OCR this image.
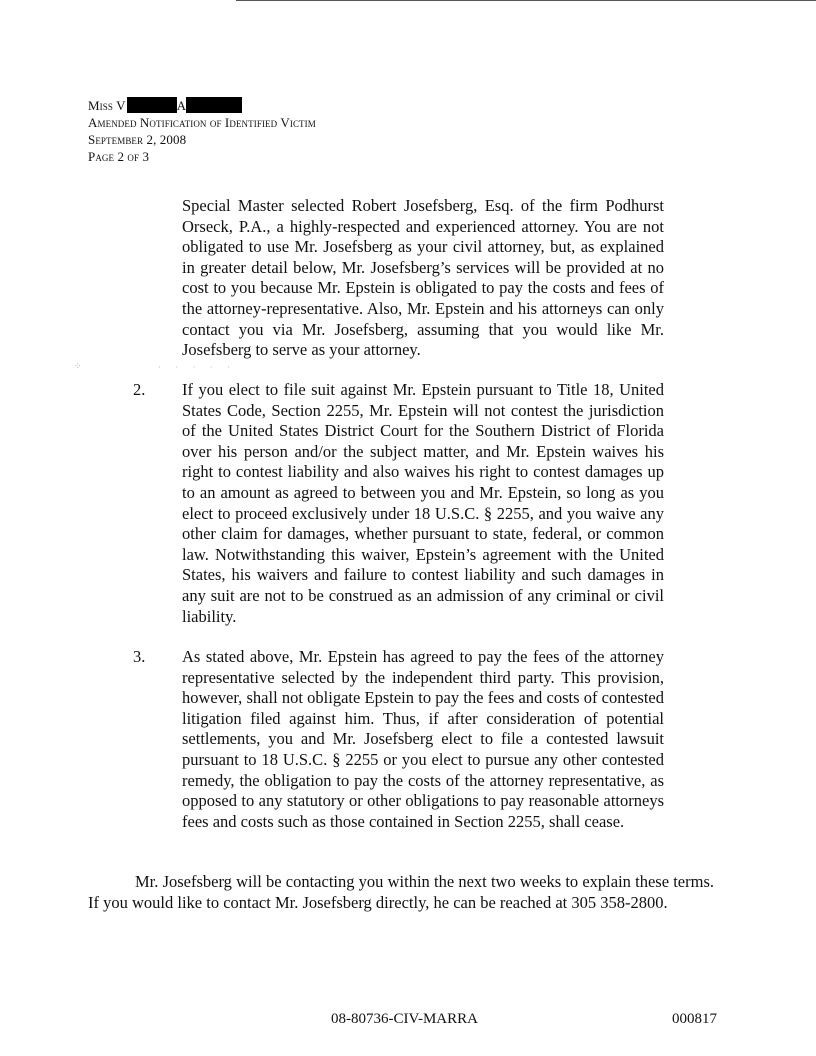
Miss V	A
Amended Notification of Identified Victim
September 2, 2008
Page 2 of 3
Special Master selected Robert Josefsberg, Esq. of the firm Podhurst Orseck, P.A., a highly-respected and experienced attorney. You are not obligated to use Mr. Josefsberg as your civil attorney, but, as explained in greater detail below, Mr. Josefsberg’s services will be provided at no cost to you because Mr. Epstein is obligated to pay the costs and fees of the attorney-representative. Also, Mr. Epstein and his attorneys can only contact you via Mr. Josefsberg, assuming that you would like Mr. Josefsberg to serve as your attorney.
⁘	· · · · ·
2. If you elect to file suit against Mr. Epstein pursuant to Title 18, United States Code, Section 2255, Mr. Epstein will not contest the jurisdiction of the United States District Court for the Southern District of Florida over his person and/or the subject matter, and Mr. Epstein waives his right to contest liability and also waives his right to contest damages up to an amount as agreed to between you and Mr. Epstein, so long as you elect to proceed exclusively under 18 U.S.C. § 2255, and you waive any other claim for damages, whether pursuant to state, federal, or common law. Notwithstanding this waiver, Epstein’s agreement with the United States, his waivers and failure to contest liability and such damages in any suit are not to be construed as an admission of any criminal or civil liability.
3. As stated above, Mr. Epstein has agreed to pay the fees of the attorney representative selected by the independent third party. This provision, however, shall not obligate Epstein to pay the fees and costs of contested litigation filed against him. Thus, if after consideration of potential settlements, you and Mr. Josefsberg elect to file a contested lawsuit pursuant to 18 U.S.C. § 2255 or you elect to pursue any other contested remedy, the obligation to pay the costs of the attorney representative, as opposed to any statutory or other obligations to pay reasonable attorneys fees and costs such as those contained in Section 2255, shall cease.
Mr. Josefsberg will be contacting you within the next two weeks to explain these terms. If you would like to contact Mr. Josefsberg directly, he can be reached at 305 358-2800.
08-80736-CIV-MARRA	000817
